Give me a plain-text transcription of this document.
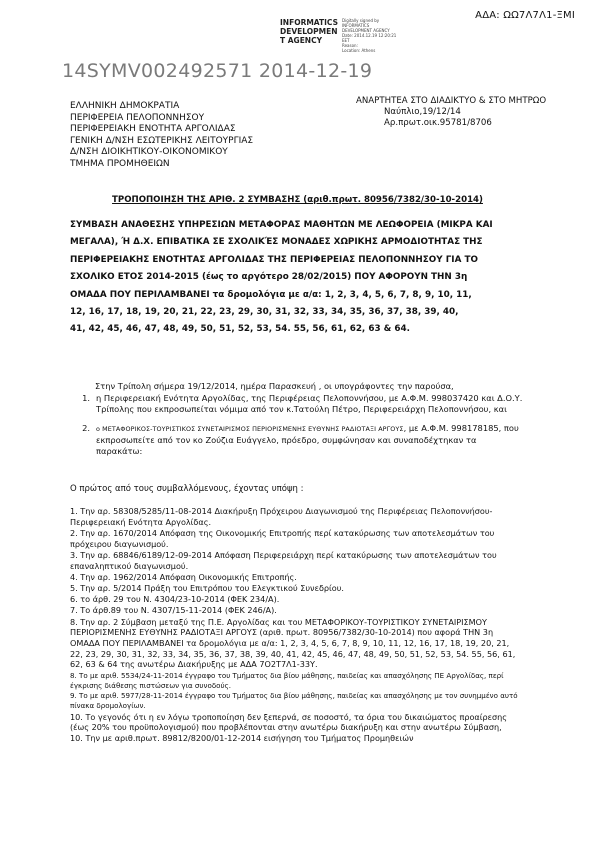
ΑΔΑ: ΩΩ7Λ7Λ1-ΞΜΙ
INFORMATICS
DEVELOPMEN
T AGENCY
Digitally signed by
INFORMATICS
DEVELOPMENT AGENCY
Date: 2014.12.19 12:20:21
EET
Reason:
Location: Athens
14SYMV002492571 2014-12-19
ΕΛΛΗΝΙΚΗ ΔΗΜΟΚΡΑΤΙΑ
ΠΕΡΙΦΕΡΕΙΑ ΠΕΛΟΠΟΝΝΗΣΟΥ
ΠΕΡΙΦΕΡΕΙΑΚΗ ΕΝΟΤΗΤΑ ΑΡΓΟΛΙΔΑΣ
ΓΕΝΙΚΗ Δ/ΝΣΗ ΕΣΩΤΕΡΙΚΗΣ ΛΕΙΤΟΥΡΓΙΑΣ
Δ/ΝΣΗ ΔΙΟΙΚΗΤΙΚΟΥ-ΟΙΚΟΝΟΜΙΚΟΥ
ΤΜΗΜΑ ΠΡΟΜΗΘΕΙΩΝ
ΑΝΑΡΤΗΤΕΑ ΣΤΟ ΔΙΑΔΙΚΤΥΟ & ΣΤΟ ΜΗΤΡΩΟ
Ναύπλιο,19/12/14
Αρ.πρωτ.οικ.95781/8706
ΤΡΟΠΟΠΟΙΗΣΗ ΤΗΣ ΑΡΙΘ. 2 ΣΥΜΒΑΣΗΣ (αριθ.πρωτ. 80956/7382/30-10-2014)
ΣΥΜΒΑΣΗ ΑΝΑΘΕΣΗΣ ΥΠΗΡΕΣΙΩΝ ΜΕΤΑΦΟΡΑΣ ΜΑΘΗΤΩΝ ΜΕ ΛΕΩΦΟΡΕΙΑ (ΜΙΚΡΑ ΚΑΙ
ΜΕΓΑΛΑ), Ή Δ.Χ. ΕΠΙΒΑΤΙΚΑ ΣΕ ΣΧΟΛΙΚΈΣ ΜΟΝΑΔΕΣ ΧΩΡΙΚΗΣ ΑΡΜΟΔΙΟΤΗΤΑΣ ΤΗΣ
ΠΕΡΙΦΕΡΕΙΑΚΗΣ ΕΝΟΤΗΤΑΣ ΑΡΓΟΛΙΔΑΣ ΤΗΣ ΠΕΡΙΦΕΡΕΙΑΣ ΠΕΛΟΠΟΝΝΗΣΟΥ ΓΙΑ ΤΟ
ΣΧΟΛΙΚΟ ΕΤΟΣ 2014-2015 (έως το αργότερο 28/02/2015) ΠΟΥ ΑΦΟΡΟΥΝ ΤΗΝ 3η
ΟΜΑΔΑ ΠΟΥ ΠΕΡΙΛΑΜΒΑΝΕΙ τα δρομολόγια με α/α: 1, 2, 3, 4, 5, 6, 7, 8, 9, 10, 11,
12, 16, 17, 18, 19, 20, 21, 22, 23, 29, 30, 31, 32, 33, 34, 35, 36, 37, 38, 39, 40,
41, 42, 45, 46, 47, 48, 49, 50, 51, 52, 53, 54. 55, 56, 61, 62, 63 & 64.
Στην Τρίπολη σήμερα 19/12/2014, ημέρα Παρασκευή , οι υπογράφοντες την παρούσα,
1. η Περιφερειακή Ενότητα Αργολίδας, της Περιφέρειας Πελοποννήσου, με Α.Φ.Μ. 998037420 και Δ.Ο.Υ. Τρίπολης που εκπροσωπείται νόμιμα από τον κ.Τατούλη Πέτρο, Περιφερειάρχη Πελοποννήσου, και
2. ο ΜΕΤΑΦΟΡΙΚΟΣ-ΤΟΥΡΙΣΤΙΚΟΣ ΣΥΝΕΤΑΙΡΙΣΜΟΣ ΠΕΡΙΟΡΙΣΜΕΝΗΣ ΕΥΘΥΝΗΣ ΡΑΔΙΟΤΑΞΙ ΑΡΓΟΥΣ, με Α.Φ.Μ. 998178185, που εκπροσωπείτε από τον κο Ζούζια Ευάγγελο, πρόεδρο, συμφώνησαν και συναποδέχτηκαν τα παρακάτω:
Ο πρώτος από τους συμβαλλόμενους, έχοντας υπόψη :
1. Την αρ. 58308/5285/11-08-2014 Διακήρυξη Πρόχειρου Διαγωνισμού της Περιφέρειας Πελοποννήσου-Περιφερειακή Ενότητα Αργολίδας.
2. Την αρ. 1670/2014 Απόφαση της Οικονομικής Επιτροπής περί κατακύρωσης των αποτελεσμάτων του πρόχειρου διαγωνισμού.
3. Την αρ. 68846/6189/12-09-2014 Απόφαση Περιφερειάρχη περί κατακύρωσης των αποτελεσμάτων του επαναληπτικού διαγωνισμού.
4. Την αρ. 1962/2014 Απόφαση Οικονομικής Επιτροπής.
5. Την αρ. 5/2014 Πράξη του Επιτρόπου του Ελεγκτικού Συνεδρίου.
6. το άρθ. 29 του Ν. 4304/23-10-2014 (ΦΕΚ 234/Α).
7. Το άρθ.89 του Ν. 4307/15-11-2014 (ΦΕΚ 246/Α).
8. Την αρ. 2 Σύμβαση μεταξύ της Π.Ε. Αργολίδας και του ΜΕΤΑΦΟΡΙΚΟΥ-ΤΟΥΡΙΣΤΙΚΟΥ ΣΥΝΕΤΑΙΡΙΣΜΟΥ ΠΕΡΙΟΡΙΣΜΕΝΗΣ ΕΥΘΥΝΗΣ ΡΑΔΙΟΤΑΞΙ ΑΡΓΟΥΣ (αριθ. πρωτ. 80956/7382/30-10-2014) που αφορά ΤΗΝ 3η ΟΜΑΔΑ ΠΟΥ ΠΕΡΙΛΑΜΒΑΝΕΙ τα δρομολόγια με α/α: 1, 2, 3, 4, 5, 6, 7, 8, 9, 10, 11, 12, 16, 17, 18, 19, 20, 21, 22, 23, 29, 30, 31, 32, 33, 34, 35, 36, 37, 38, 39, 40, 41, 42, 45, 46, 47, 48, 49, 50, 51, 52, 53, 54. 55, 56, 61, 62, 63 & 64 της ανωτέρω Διακήρυξης με ΑΔΑ 7Ο2Τ7Λ1-33Υ.
8. Το με αριθ. 5534/24-11-2014 έγγραφο του Τμήματος δια βίου μάθησης, παιδείας και απασχόλησης ΠΕ Αργολίδας, περί έγκρισης διάθεσης πιστώσεων για συνοδούς.
9. Το με αριθ. 5977/28-11-2014 έγγραφο του Τμήματος δια βίου μάθησης, παιδείας και απασχόλησης με τον συνημμένο αυτό πίνακα δρομολογίων.
10. Το γεγονός ότι η εν λόγω τροποποίηση δεν ξεπερνά, σε ποσοστό, τα όρια του δικαιώματος προαίρεσης (έως 20% του προϋπολογισμού) που προβλέπονται στην ανωτέρω διακήρυξη και στην ανωτέρω Σύμβαση,
10. Την με αριθ.πρωτ. 89812/8200/01-12-2014 εισήγηση του Τμήματος Προμηθειών
